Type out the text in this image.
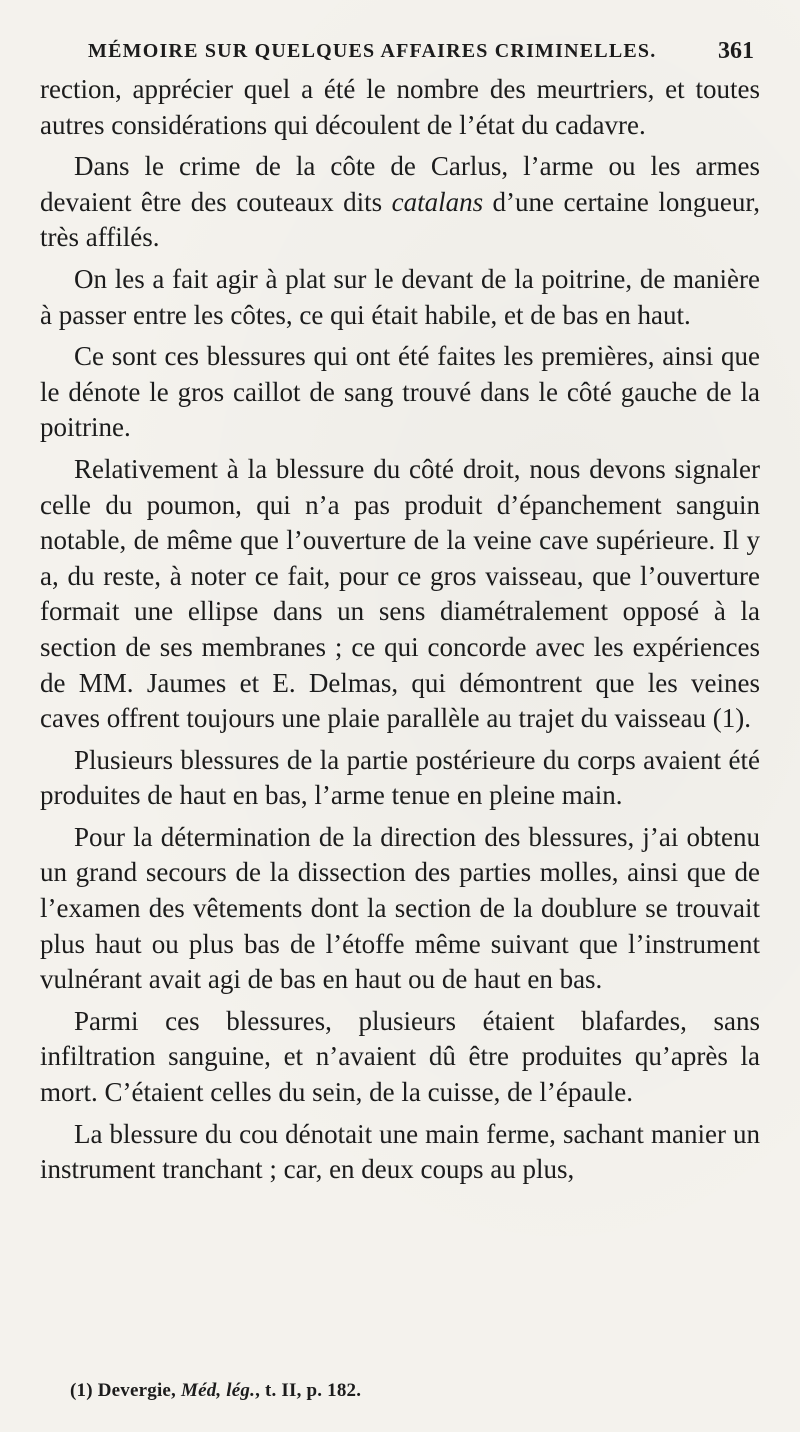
MÉMOIRE SUR QUELQUES AFFAIRES CRIMINELLES.	361

rection, apprécier quel a été le nombre des meurtriers, et toutes autres considérations qui découlent de l’état du cadavre.

Dans le crime de la côte de Carlus, l’arme ou les armes devaient être des couteaux dits catalans d’une certaine longueur, très affilés.

On les a fait agir à plat sur le devant de la poitrine, de manière à passer entre les côtes, ce qui était habile, et de bas en haut.

Ce sont ces blessures qui ont été faites les premières, ainsi que le dénote le gros caillot de sang trouvé dans le côté gauche de la poitrine.

Relativement à la blessure du côté droit, nous devons signaler celle du poumon, qui n’a pas produit d’épanchement sanguin notable, de même que l’ouverture de la veine cave supérieure. Il y a, du reste, à noter ce fait, pour ce gros vaisseau, que l’ouverture formait une ellipse dans un sens diamétralement opposé à la section de ses membranes ; ce qui concorde avec les expériences de MM. Jaumes et E. Delmas, qui démontrent que les veines caves offrent toujours une plaie parallèle au trajet du vaisseau (1).

Plusieurs blessures de la partie postérieure du corps avaient été produites de haut en bas, l’arme tenue en pleine main.

Pour la détermination de la direction des blessures, j’ai obtenu un grand secours de la dissection des parties molles, ainsi que de l’examen des vêtements dont la section de la doublure se trouvait plus haut ou plus bas de l’étoffe même suivant que l’instrument vulnérant avait agi de bas en haut ou de haut en bas.

Parmi ces blessures, plusieurs étaient blafardes, sans infiltration sanguine, et n’avaient dû être produites qu’après la mort. C’étaient celles du sein, de la cuisse, de l’épaule.

La blessure du cou dénotait une main ferme, sachant manier un instrument tranchant ; car, en deux coups au plus,

(1) Devergie, Méd, lég., t. II, p. 182.
